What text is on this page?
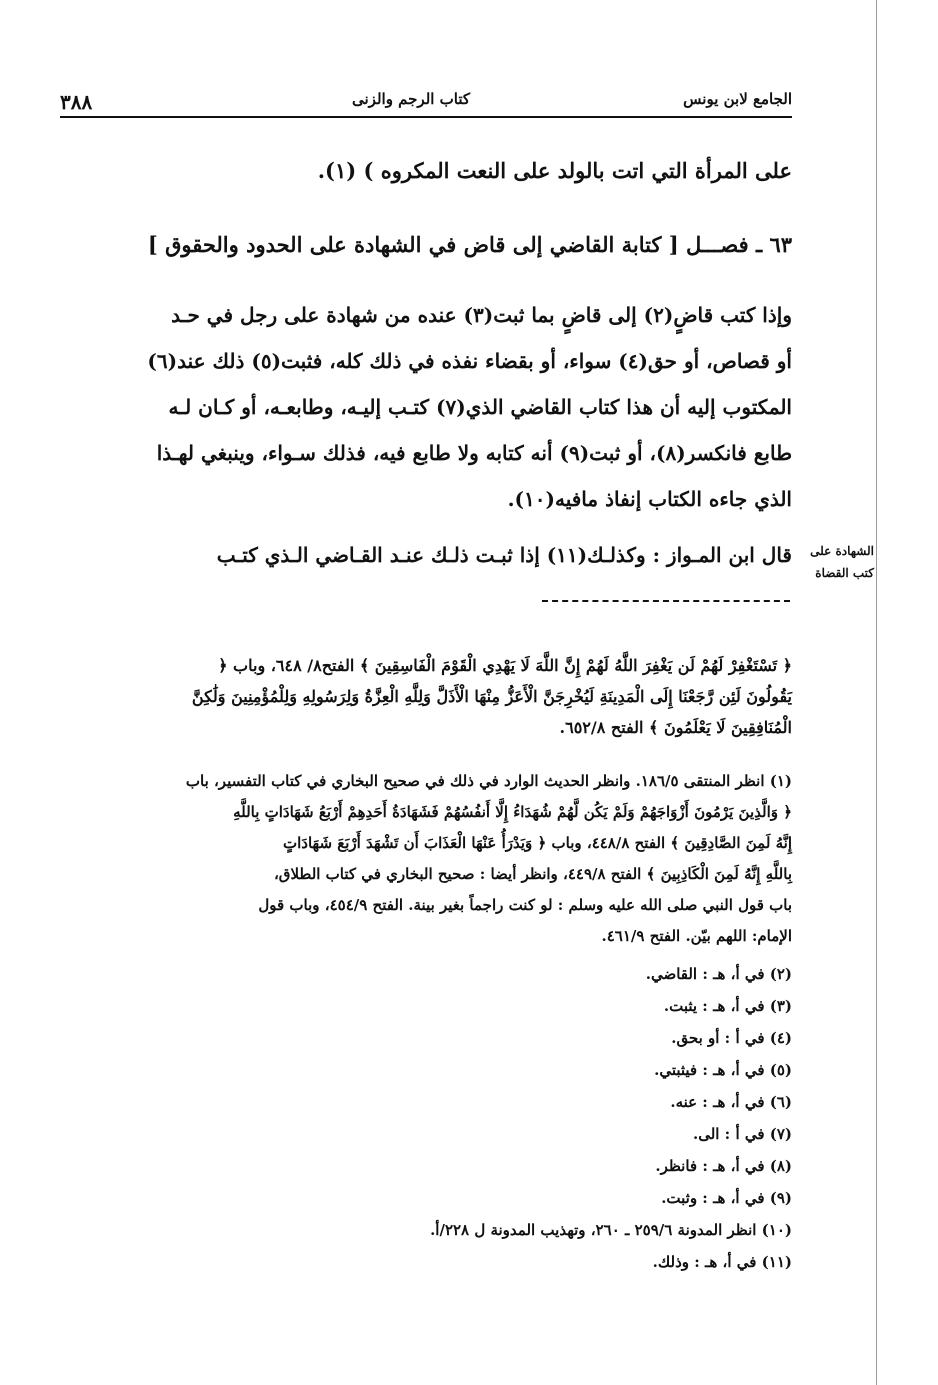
الشهادة على كتب القضاة
٣٨٨	كتاب الرجم والزنى	الجامع لابن يونس
على المرأة التي اتت بالولد على النعت المكروه ) (١).
٦٣ ـ فصـــل [ كتابة القاضي إلى قاض في الشهادة على الحدود والحقوق ]
وإذا كتب قاضٍ(٢) إلى قاضٍ بما ثبت(٣) عنده من شهادة على رجل في حـد
أو قصاص، أو حق(٤) سواء، أو بقضاء نفذه في ذلك كله، فثبت(٥) ذلك عند(٦)
المكتوب إليه أن هذا كتاب القاضي الذي(٧) كتـب إليـه، وطابعـه، أو كـان لـه
طابع فانكسر(٨)، أو ثبت(٩) أنه كتابه ولا طابع فيه، فذلك سـواء، وينبغي لهـذا
الذي جاءه الكتاب إنفاذ مافيه(١٠).
قال ابن المـواز : وكذلـك(١١) إذا ثبـت ذلـك عنـد القـاضي الـذي كتـب
﴿ تَسْتَغْفِرْ لَهُمْ لَن يَغْفِرَ اللَّهُ لَهُمْ إِنَّ اللَّهَ لَا يَهْدِي الْقَوْمَ الْفَاسِقِينَ ﴾ الفتح٨/ ٦٤٨، وباب ﴿
يَقُولُونَ لَئِن رَّجَعْنَا إِلَى الْمَدِينَةِ لَيُخْرِجَنَّ الْأَعَزُّ مِنْهَا الْأَذَلَّ وَلِلَّهِ الْعِزَّةُ وَلِرَسُولِهِ وَلِلْمُؤْمِنِينَ وَلَٰكِنَّ
الْمُنَافِقِينَ لَا يَعْلَمُونَ ﴾ الفتح ٦٥٢/٨.
(١) انظر المنتقى ١٨٦/٥. وانظر الحديث الوارد في ذلك في صحيح البخاري في كتاب التفسير، باب
﴿ وَالَّذِينَ يَرْمُونَ أَزْوَاجَهُمْ وَلَمْ يَكُن لَّهُمْ شُهَدَاءُ إِلَّا أَنفُسُهُمْ فَشَهَادَةُ أَحَدِهِمْ أَرْبَعُ شَهَادَاتٍ بِاللَّهِ
إِنَّهُ لَمِنَ الصَّادِقِينَ ﴾ الفتح ٤٤٨/٨، وباب ﴿ وَيَدْرَأُ عَنْهَا الْعَذَابَ أَن تَشْهَدَ أَرْبَعَ شَهَادَاتٍ
بِاللَّهِ إِنَّهُ لَمِنَ الْكَاذِبِينَ ﴾ الفتح ٤٤٩/٨، وانظر أيضا : صحيح البخاري في كتاب الطلاق،
باب قول النبي صلى الله عليه وسلم : لو كنت راجماً بغير بينة. الفتح ٤٥٤/٩، وباب قول
الإمام: اللهم بيّن. الفتح ٤٦١/٩.
(٢) في أ، هـ : القاضي.
(٣) في أ، هـ : يثبت.
(٤) في أ : أو بحق.
(٥) في أ، هـ : فيثبتي.
(٦) في أ، هـ : عنه.
(٧) في أ : الى.
(٨) في أ، هـ : فانظر.
(٩) في أ، هـ : وثبت.
(١٠) انظر المدونة ٢٥٩/٦ ـ ٢٦٠، وتهذيب المدونة ل ٢٢٨/أ.
(١١) في أ، هـ : وذلك.
